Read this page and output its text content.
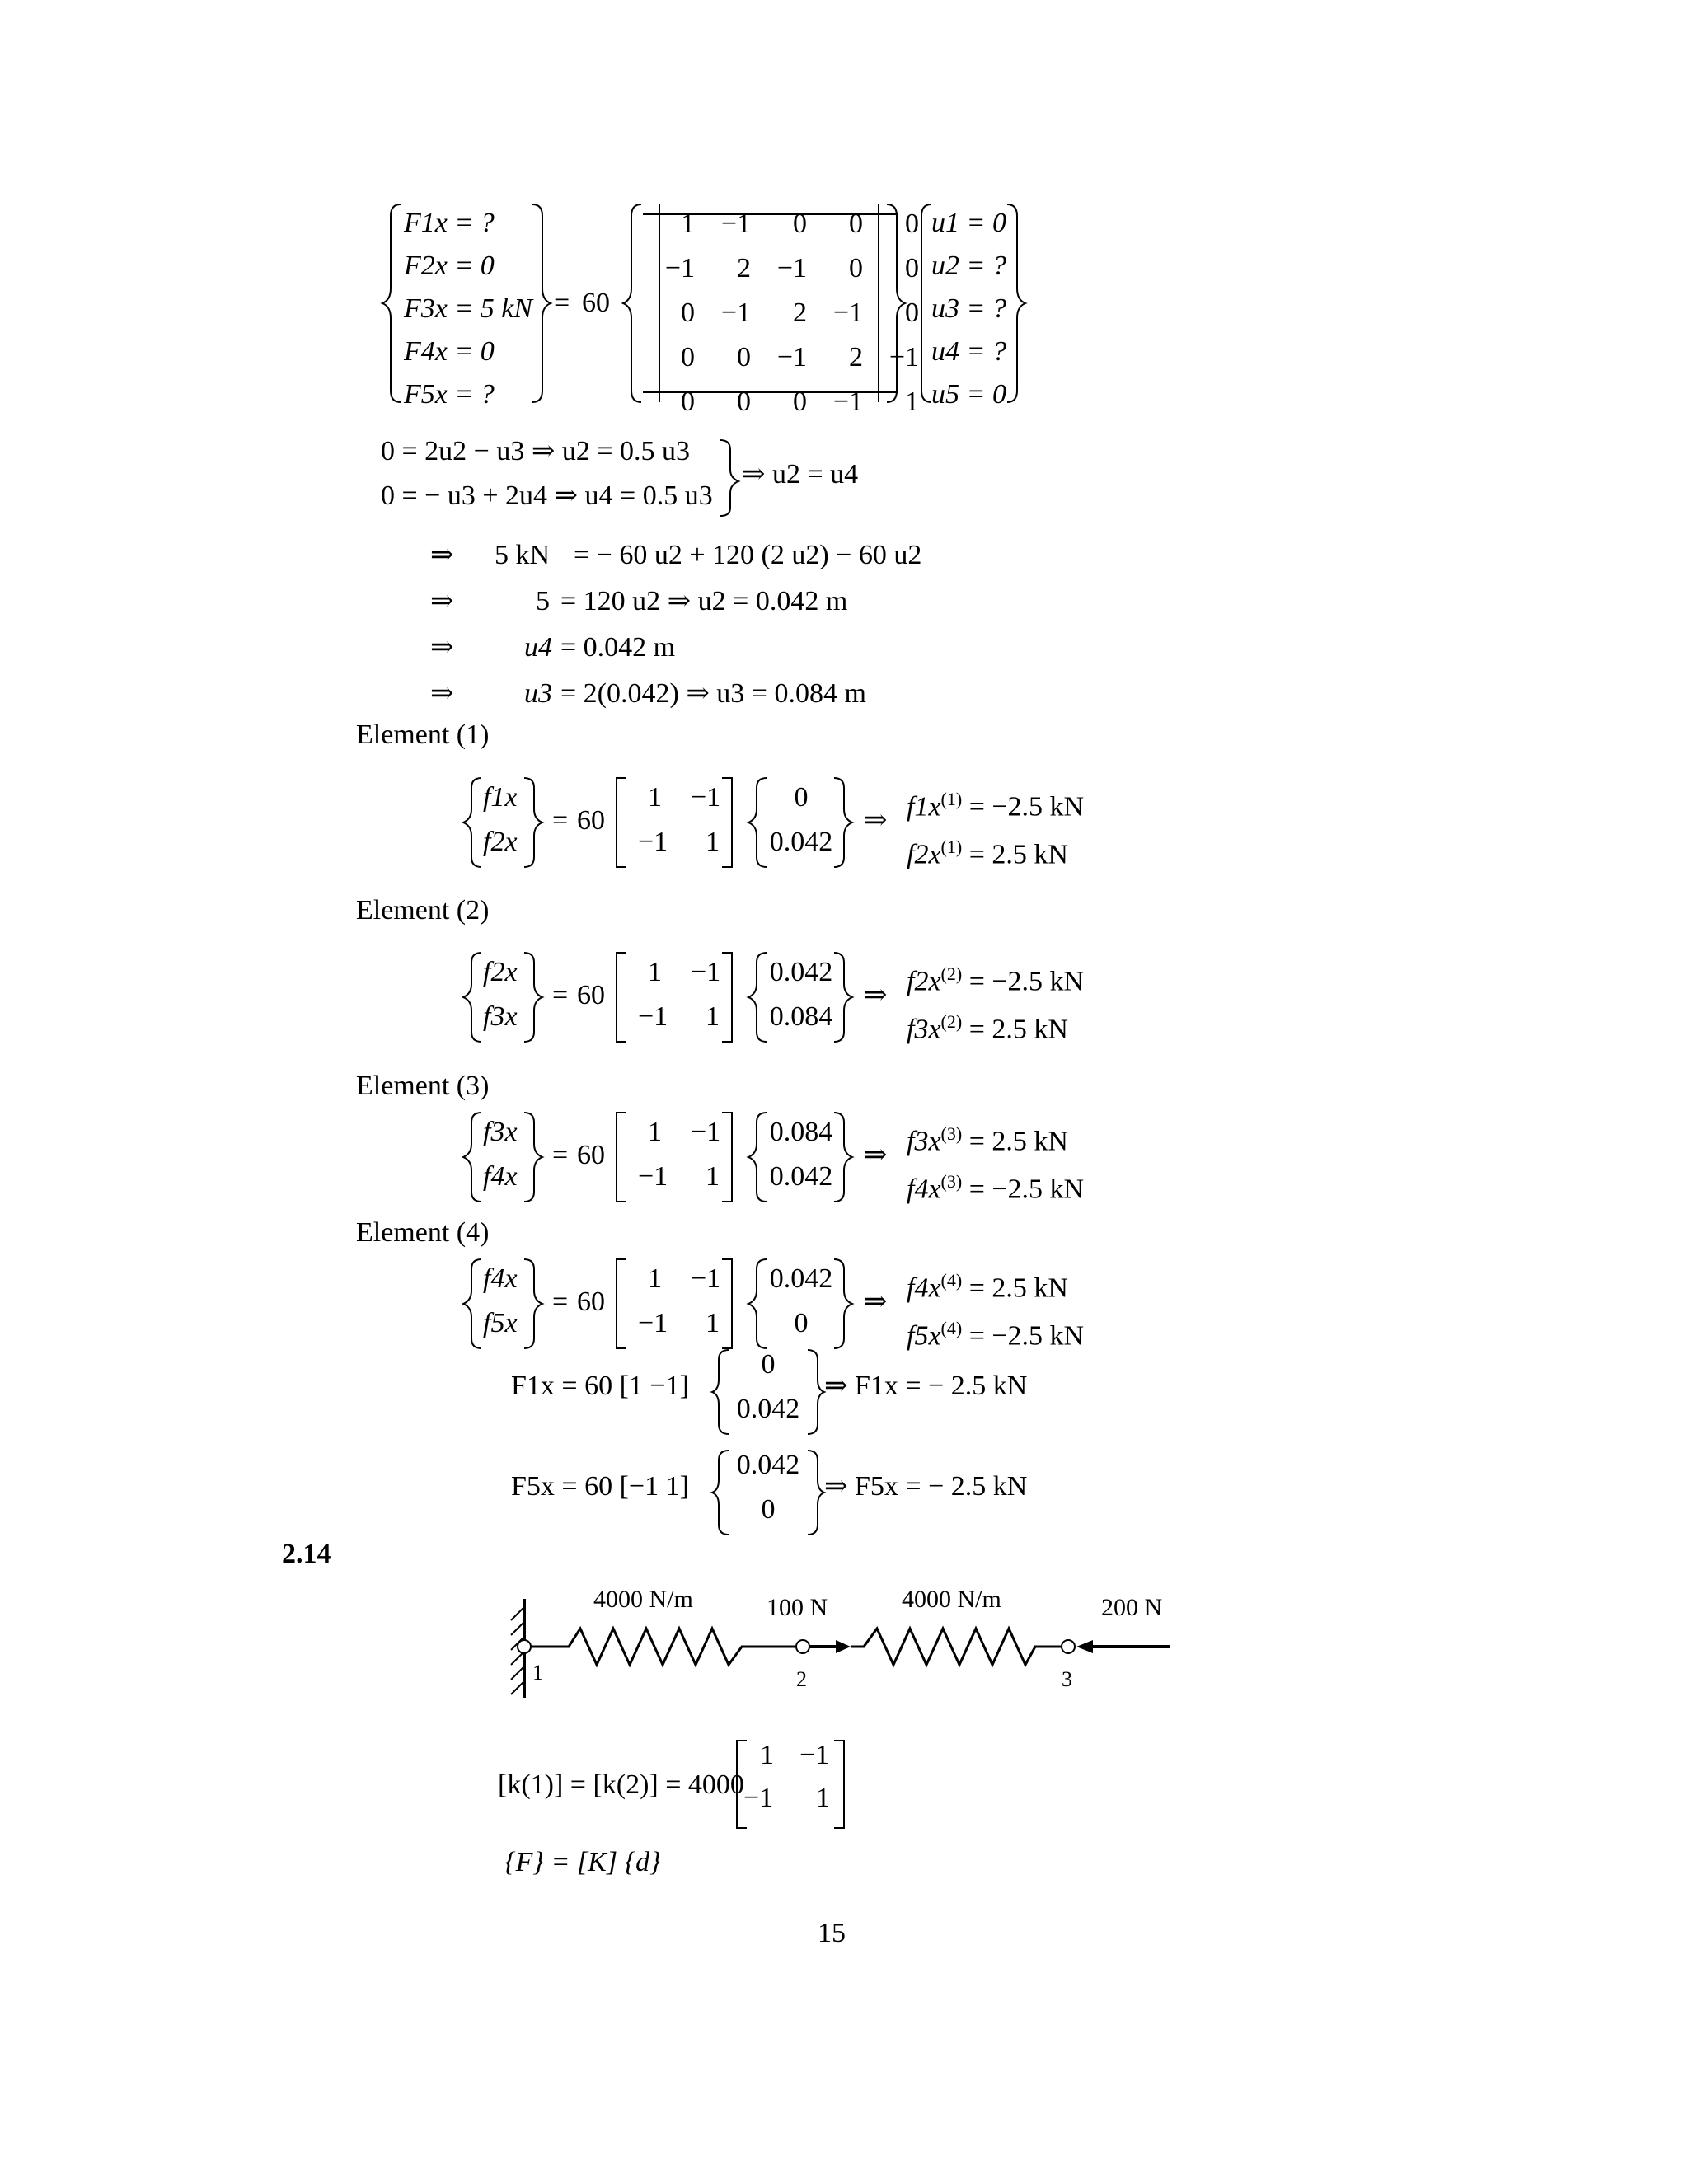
F1x = ?
F2x = 0
F3x = 5 kN
F4x = 0
F5x = ?
= 60
1	−1	0	0	0
−1	2	−1	0	0
0	−1	2	−1	0
0	0	−1	2	−1
0	0	0	−1	1
u1 = 0
u2 = ?
u3 = ?
u4 = ?
u5 = 0
0 = 2u2 − u3 ⇒ u2 = 0.5 u3
0 = − u3 + 2u4 ⇒ u4 = 0.5 u3
⇒ u2 = u4
⇒ 5 kN = − 60 u2 + 120 (2 u2) − 60 u2
⇒	5 = 120 u2 ⇒ u2 = 0.042 m
⇒	u4 = 0.042 m
⇒	u3 = 2(0.042) ⇒ u3 = 0.084 m
Element (1)
Element (2)
Element (3)
Element (4)
f1x
f2x
= 60
1 −1
−1 1
0
0.042
⇒ $f1x^{(1)} = -2.5$ kN
$f2x^{(1)} = 2.5$ kN
f2x
f3x
= 60
1 −1
−1 1
0.042
0.084
⇒ $f2x^{(2)} = -2.5$ kN
$f3x^{(2)} = 2.5$ kN
f3x
f4x
= 60
1 −1
−1 1
0.084
0.042
⇒ $f3x^{(3)} = 2.5$ kN
$f4x^{(3)} = -2.5$ kN
f4x
f5x
= 60
1 −1
−1 1
0.042
0
⇒ $f4x^{(4)} = 2.5$ kN
$f5x^{(4)} = -2.5$ kN
F1x = 60 [1 −1]
0
0.042
⇒ F1x = − 2.5 kN
F5x = 60 [−1 1]
0.042
0
⇒ F5x = − 2.5 kN
2.14
4000 N/m	100 N	4000 N/m	200 N
1	2	3
[k(1)] = [k(2)] = 4000
1 −1
−1 1
{F} = [K] {d}
15
